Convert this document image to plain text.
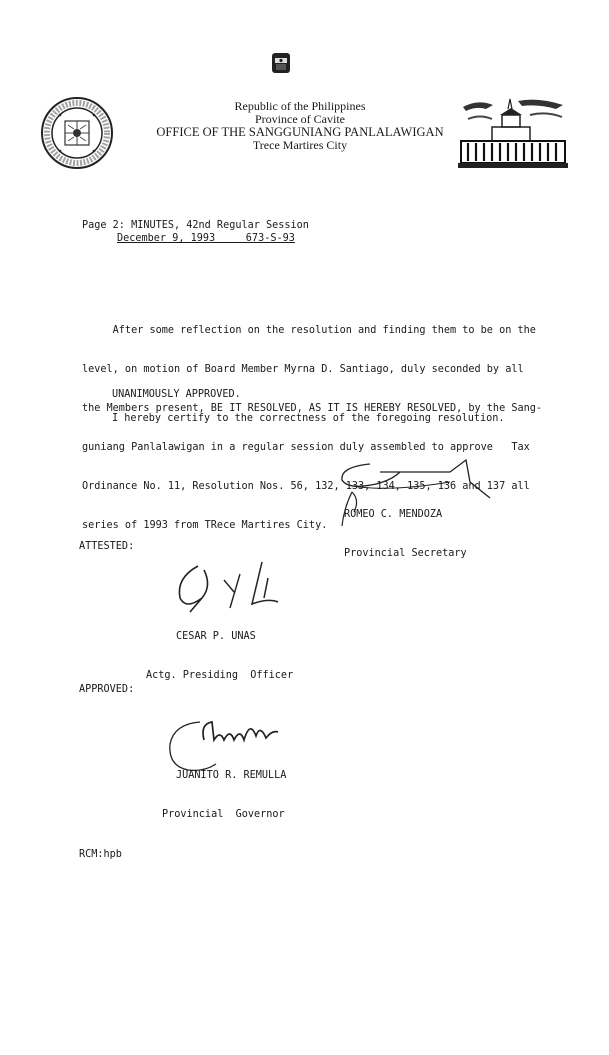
Republic of the Philippines
Province of Cavite
OFFICE OF THE SANGGUNIANG PANLALAWIGAN
Trece Martires City
Page 2: MINUTES, 42nd Regular Session
December 9, 1993     673-S-93

After some reflection on the resolution and finding them to be on the

level, on motion of Board Member Myrna D. Santiago, duly seconded by all

the Members present, BE IT RESOLVED, AS IT IS HEREBY RESOLVED, by the Sang-

guniang Panlalawigan in a regular session duly assembled to approve   Tax

Ordinance No. 11, Resolution Nos. 56, 132, 133, 134, 135, 136 and 137 all

series of 1993 from TRece Martires City.

UNANIMOUSLY APPROVED.
I hereby certify to the correctness of the foregoing resolution.

ROMEO C. MENDOZA

Provincial Secretary

ATTESTED:

CESAR P. UNAS

Actg. Presiding  Officer

APPROVED:

JUANITO R. REMULLA

Provincial  Governor

RCM:hpb
